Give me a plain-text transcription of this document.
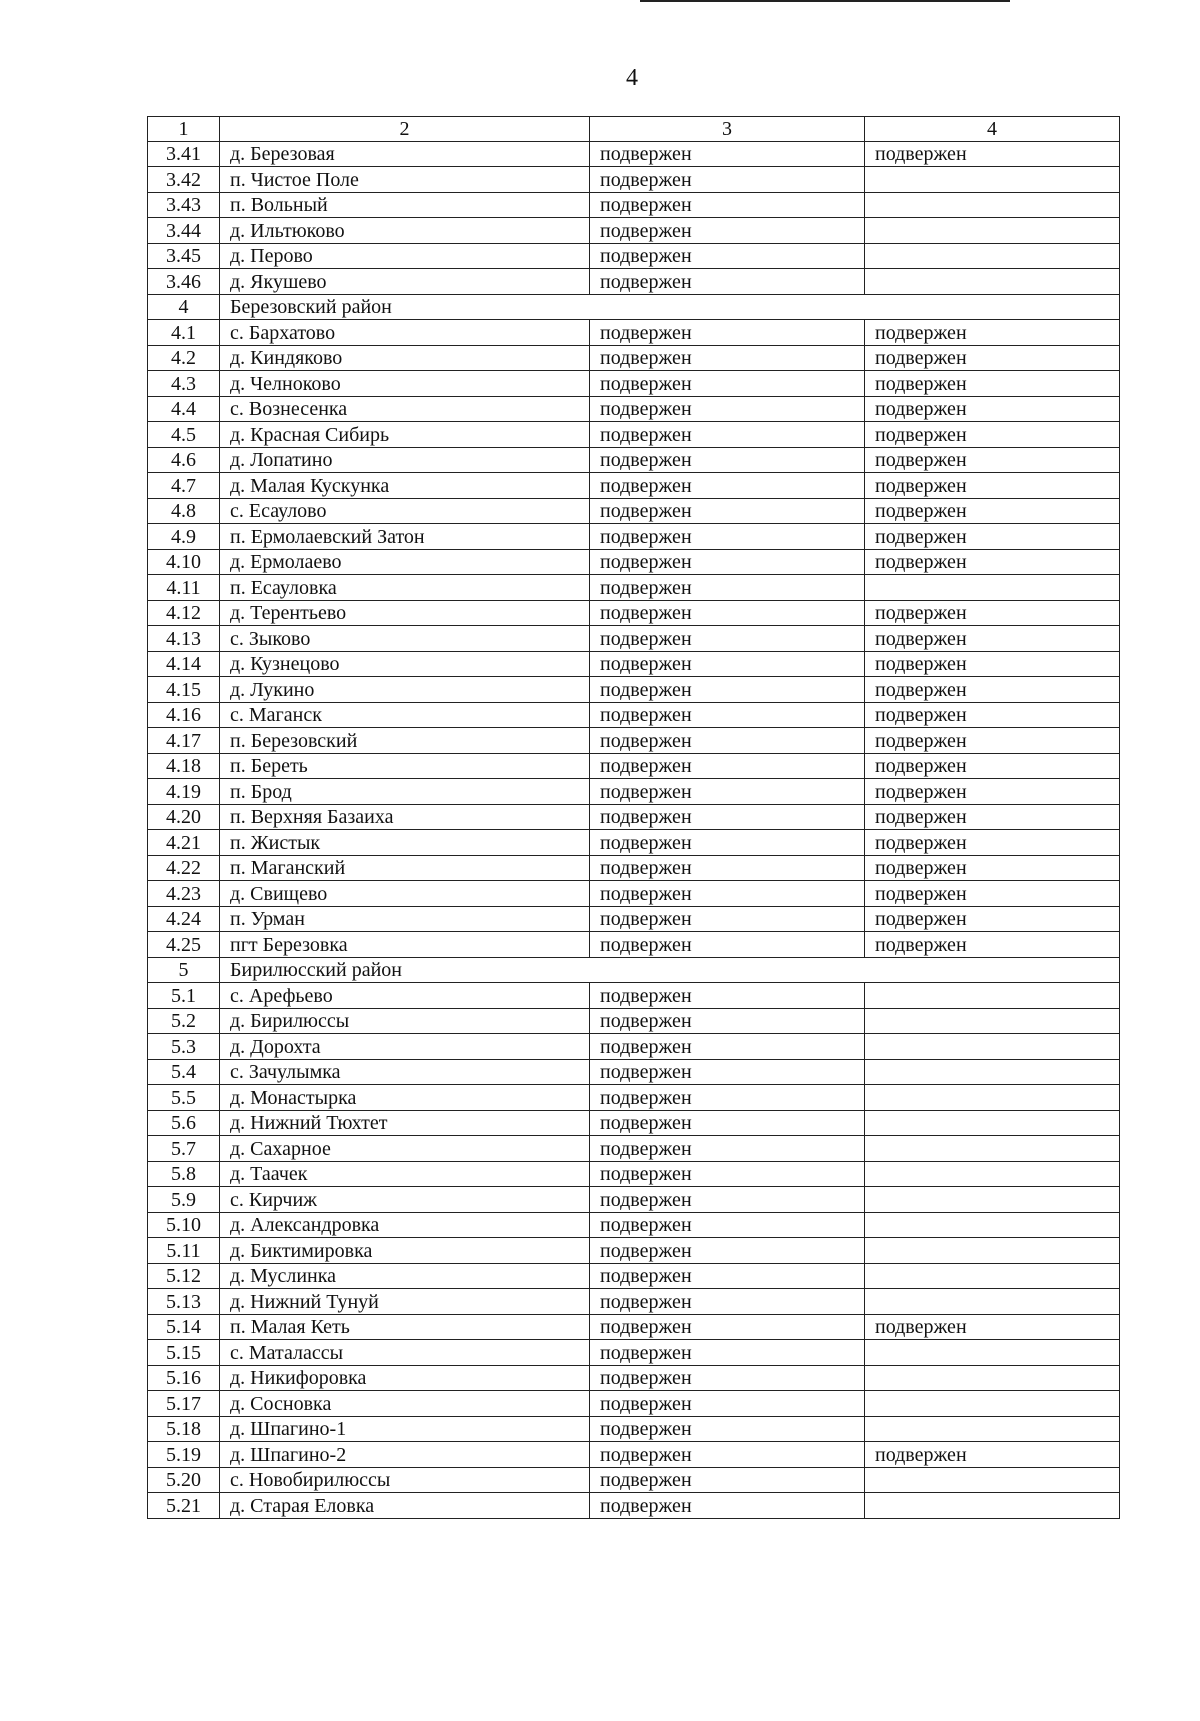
4
1	2	3	4
3.41	д. Березовая	подвержен	подвержен
3.42	п. Чистое Поле	подвержен	
3.43	п. Вольный	подвержен	
3.44	д. Ильтюково	подвержен	
3.45	д. Перово	подвержен	
3.46	д. Якушево	подвержен	
4	Березовский район		
4.1	с. Бархатово	подвержен	подвержен
4.2	д. Киндяково	подвержен	подвержен
4.3	д. Челноково	подвержен	подвержен
4.4	с. Вознесенка	подвержен	подвержен
4.5	д. Красная Сибирь	подвержен	подвержен
4.6	д. Лопатино	подвержен	подвержен
4.7	д. Малая Кускунка	подвержен	подвержен
4.8	с. Есаулово	подвержен	подвержен
4.9	п. Ермолаевский Затон	подвержен	подвержен
4.10	д. Ермолаево	подвержен	подвержен
4.11	п. Есауловка	подвержен	
4.12	д. Терентьево	подвержен	подвержен
4.13	с. Зыково	подвержен	подвержен
4.14	д. Кузнецово	подвержен	подвержен
4.15	д. Лукино	подвержен	подвержен
4.16	с. Маганск	подвержен	подвержен
4.17	п. Березовский	подвержен	подвержен
4.18	п. Береть	подвержен	подвержен
4.19	п. Брод	подвержен	подвержен
4.20	п. Верхняя Базаиха	подвержен	подвержен
4.21	п. Жистык	подвержен	подвержен
4.22	п. Маганский	подвержен	подвержен
4.23	д. Свищево	подвержен	подвержен
4.24	п. Урман	подвержен	подвержен
4.25	пгт Березовка	подвержен	подвержен
5	Бирилюсский район		
5.1	с. Арефьево	подвержен	
5.2	д. Бирилюссы	подвержен	
5.3	д. Дорохта	подвержен	
5.4	с. Зачулымка	подвержен	
5.5	д. Монастырка	подвержен	
5.6	д. Нижний Тюхтет	подвержен	
5.7	д. Сахарное	подвержен	
5.8	д. Таачек	подвержен	
5.9	с. Кирчиж	подвержен	
5.10	д. Александровка	подвержен	
5.11	д. Биктимировка	подвержен	
5.12	д. Муслинка	подвержен	
5.13	д. Нижний Тунуй	подвержен	
5.14	п. Малая Кеть	подвержен	подвержен
5.15	с. Маталассы	подвержен	
5.16	д. Никифоровка	подвержен	
5.17	д. Сосновка	подвержен	
5.18	д. Шпагино-1	подвержен	
5.19	д. Шпагино-2	подвержен	подвержен
5.20	с. Новобирилюссы	подвержен	
5.21	д. Старая Еловка	подвержен	
